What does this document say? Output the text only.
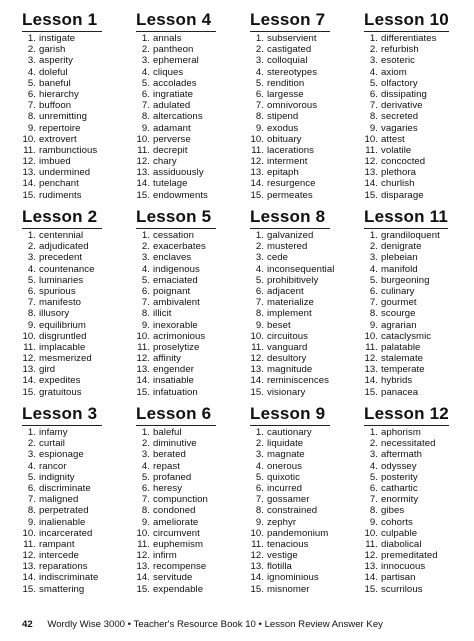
Lesson 1
1. instigate
2. garish
3. asperity
4. doleful
5. baneful
6. hierarchy
7. buffoon
8. unremitting
9. repertoire
10. extrovert
11. rambunctious
12. imbued
13. undermined
14. penchant
15. rudiments
Lesson 4
1. annals
2. pantheon
3. ephemeral
4. cliques
5. accolades
6. ingratiate
7. adulated
8. altercations
9. adamant
10. perverse
11. decrepit
12. chary
13. assiduously
14. tutelage
15. endowments
Lesson 7
1. subservient
2. castigated
3. colloquial
4. stereotypes
5. rendition
6. largesse
7. omnivorous
8. stipend
9. exodus
10. obituary
11. lacerations
12. interment
13. epitaph
14. resurgence
15. permeates
Lesson 10
1. differentiates
2. refurbish
3. esoteric
4. axiom
5. olfactory
6. dissipating
7. derivative
8. secreted
9. vagaries
10. attest
11. volatile
12. concocted
13. plethora
14. churlish
15. disparage
Lesson 2
1. centennial
2. adjudicated
3. precedent
4. countenance
5. luminaries
6. spurious
7. manifesto
8. illusory
9. equilibrium
10. disgruntled
11. implacable
12. mesmerized
13. gird
14. expedites
15. gratuitous
Lesson 5
1. cessation
2. exacerbates
3. enclaves
4. indigenous
5. emaciated
6. poignant
7. ambivalent
8. illicit
9. inexorable
10. acrimonious
11. proselytize
12. affinity
13. engender
14. insatiable
15. infatuation
Lesson 8
1. galvanized
2. mustered
3. cede
4. inconsequential
5. prohibitively
6. adjacent
7. materialize
8. implement
9. beset
10. circuitous
11. vanguard
12. desultory
13. magnitude
14. reminiscences
15. visionary
Lesson 11
1. grandiloquent
2. denigrate
3. plebeian
4. manifold
5. burgeoning
6. culinary
7. gourmet
8. scourge
9. agrarian
10. cataclysmic
11. palatable
12. stalemate
13. temperate
14. hybrids
15. panacea
Lesson 3
1. infamy
2. curtail
3. espionage
4. rancor
5. indignity
6. discriminate
7. maligned
8. perpetrated
9. inalienable
10. incarcerated
11. rampant
12. intercede
13. reparations
14. indiscriminate
15. smattering
Lesson 6
1. baleful
2. diminutive
3. berated
4. repast
5. profaned
6. heresy
7. compunction
8. condoned
9. ameliorate
10. circumvent
11. euphemism
12. infirm
13. recompense
14. servitude
15. expendable
Lesson 9
1. cautionary
2. liquidate
3. magnate
4. onerous
5. quixotic
6. incurred
7. gossamer
8. constrained
9. zephyr
10. pandemonium
11. tenacious
12. vestige
13. flotilla
14. ignominious
15. misnomer
Lesson 12
1. aphorism
2. necessitated
3. aftermath
4. odyssey
5. posterity
6. cathartic
7. enormity
8. gibes
9. cohorts
10. culpable
11. diabolical
12. premeditated
13. innocuous
14. partisan
15. scurrilous
42 Wordly Wise 3000 • Teacher's Resource Book 10 • Lesson Review Answer Key
